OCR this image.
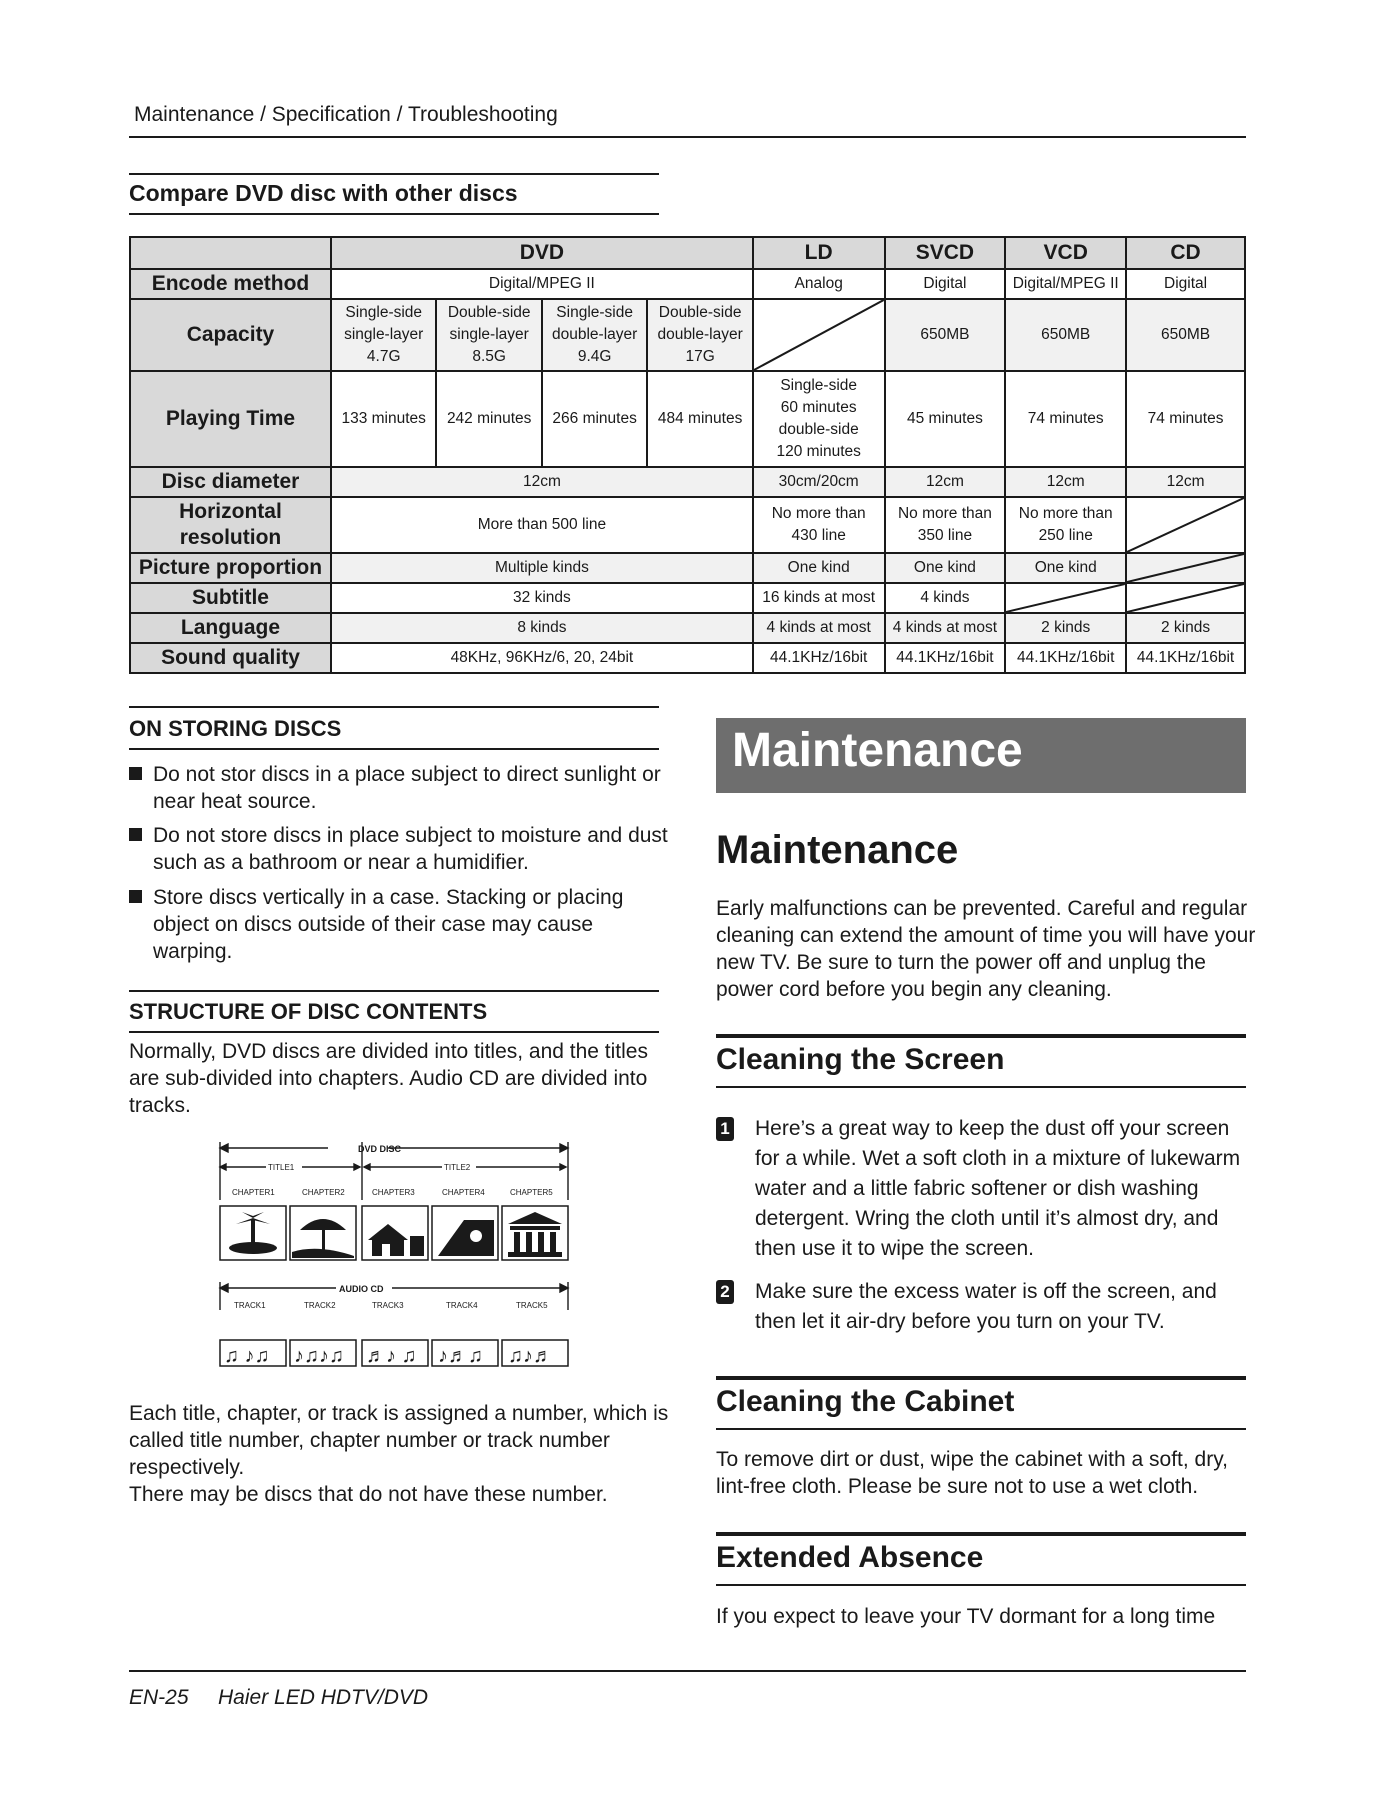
Maintenance / Specification / Troubleshooting
Compare DVD disc with other discs
	DVD				LD	SVCD	VCD	CD
Encode method	Digital/MPEG II				Analog	Digital	Digital/MPEG II	Digital
Capacity	Single-side
single-layer
4.7G	Double-side
single-layer
8.5G	Single-side
double-layer
9.4G	Double-side
double-layer
17G		650MB	650MB	650MB
Playing Time	133 minutes	242 minutes	266 minutes	484 minutes	Single-side
60 minutes
double-side
120 minutes	45 minutes	74 minutes	74 minutes
Disc diameter	12cm				30cm/20cm	12cm	12cm	12cm
Horizontal
resolution	More than 500 line				No more than
430 line	No more than
350 line	No more than
250 line	

Picture proportion	Multiple kinds				One kind	One kind	One kind	

Subtitle	32 kinds				16 kinds at most	4 kinds	

Language	8 kinds				4 kinds at most	4 kinds at most	2 kinds	2 kinds
Sound quality	48KHz, 96KHz/6, 20, 24bit				44.1KHz/16bit	44.1KHz/16bit	44.1KHz/16bit	44.1KHz/16bit
ON STORING DISCS
Do not stor discs in a place subject to direct sunlight or near heat source.
Do not store discs in place subject to moisture and dust such as a bathroom or near a humidifier.
Store discs vertically in a case. Stacking or placing object on discs outside of their case may cause warping.
STRUCTURE OF DISC CONTENTS
Normally, DVD discs are divided into titles, and the titles are sub-divided into chapters. Audio CD are divided into tracks.
DVD DISC
TITLE1	TITLE2
CHAPTER1	CHAPTER2	CHAPTER3	CHAPTER4	CHAPTER5
AUDIO CD
TRACK1	TRACK2	TRACK3	TRACK4	TRACK5
♫ ♪♫ ♪♫♪♫ ♬♪ ♫ ♪♬♫ ♫♪♬
Each title, chapter, or track is assigned a number, which is called title number, chapter number or track number respectively.
There may be discs that do not have these number.
Maintenance
Maintenance
Early malfunctions can be prevented. Careful and regular cleaning can extend the amount of time you will have your new TV. Be sure to turn the power off and unplug the power cord before you begin any cleaning.
Cleaning the Screen
1 Here’s a great way to keep the dust off your screen for a while. Wet a soft cloth in a mixture of lukewarm water and a little fabric softener or dish washing detergent. Wring the cloth until it’s almost dry, and then use it to wipe the screen.
2 Make sure the excess water is off the screen, and then let it air-dry before you turn on your TV.
Cleaning the Cabinet
To remove dirt or dust, wipe the cabinet with a soft, dry, lint-free cloth. Please be sure not to use a wet cloth.
Extended Absence
If you expect to leave your TV dormant for a long time
EN-25 Haier LED HDTV/DVD
